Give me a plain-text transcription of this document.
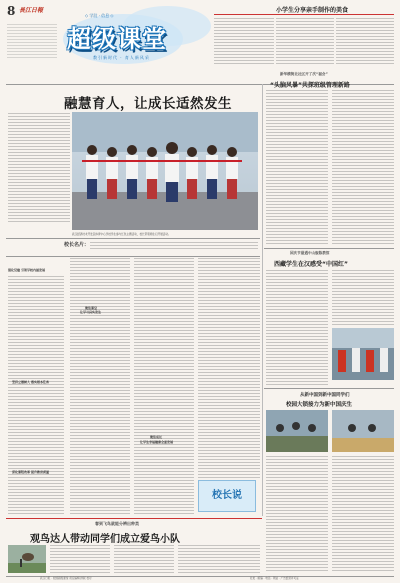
8 長江日報
◇ 学段 · 信息 ◇
超级课堂
教引新时代 · 育人新风采
小学生分享亲手制作的美食
融慧育人，让成长适然发生
武汉经济技术开发区体育中心学校学生参与红色主题活动，校长带领师生们开展活动。
校长名片：
强化党建 引领学校内涵发展
坚持立德树人 落实根本任务
深化课程改革 提升教育质量
聚焦课堂
让学习真实发生
聚焦成长
让学生幸福健康全面发展
校长说
新华横街北社区开了次“福会”
“头脑风暴”共探班级管理新路
国庆节最遇中山舰陈教馆
西藏学生在汉感受“中国红”
从新中国到新中国同学们
校园大锁接力为新中国庆生
春到飞鸟就能分辨出种类
观鸟达人带动同学们成立爱鸟小队
武汉日报 · 校园超级课堂 责任编辑 排版 校对	社址 · 邮编 · 电话 · 网站 · 广告经营许可证
